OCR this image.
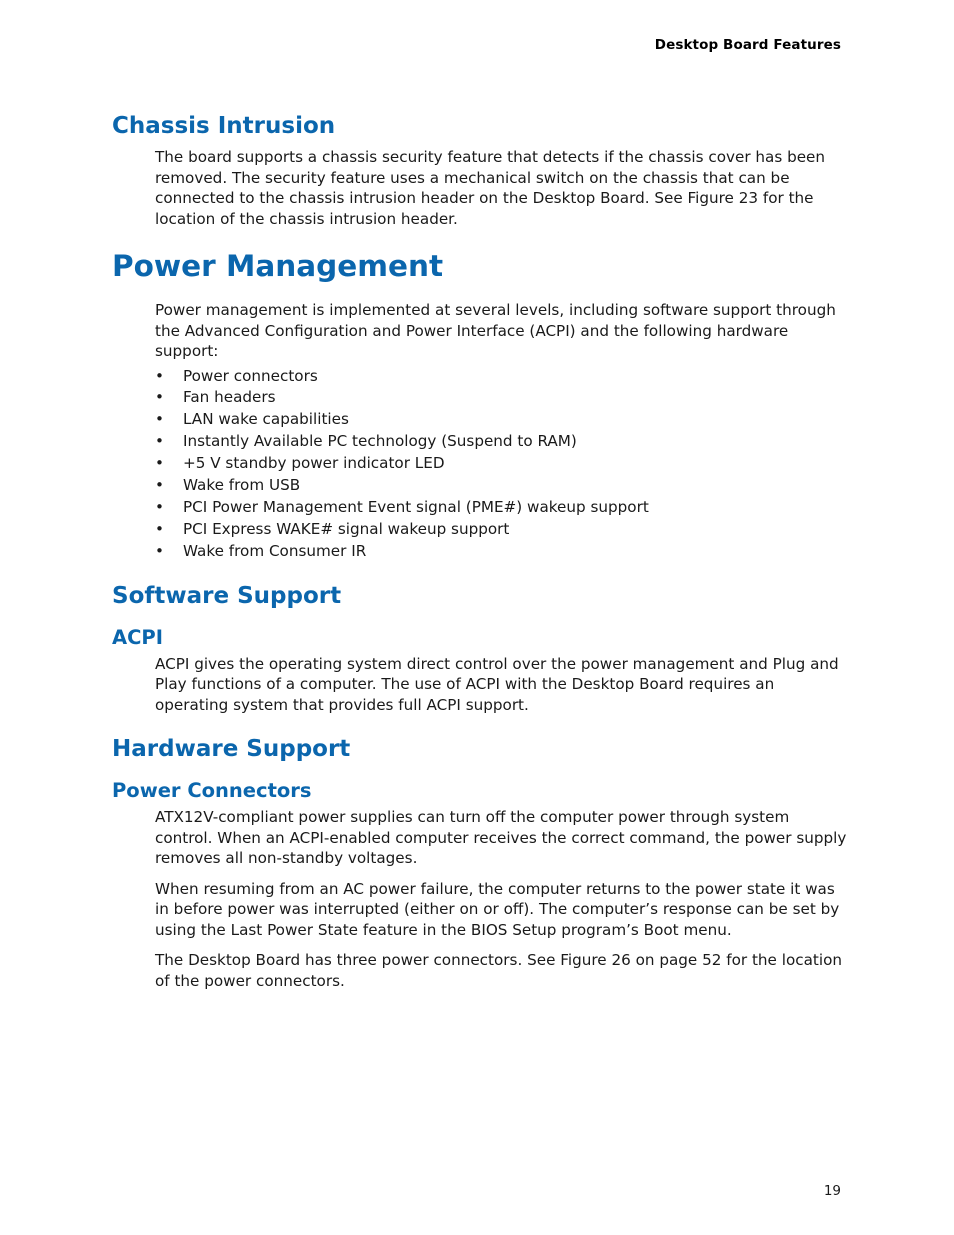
Desktop Board Features
Chassis Intrusion

The board supports a chassis security feature that detects if the chassis cover has been removed. The security feature uses a mechanical switch on the chassis that can be connected to the chassis intrusion header on the Desktop Board. See Figure 23 for the location of the chassis intrusion header.

Power Management

Power management is implemented at several levels, including software support through the Advanced Configuration and Power Interface (ACPI) and the following hardware support:

• Power connectors
• Fan headers
• LAN wake capabilities
• Instantly Available PC technology (Suspend to RAM)
• +5 V standby power indicator LED
• Wake from USB
• PCI Power Management Event signal (PME#) wakeup support
• PCI Express WAKE# signal wakeup support
• Wake from Consumer IR
Software Support
ACPI

ACPI gives the operating system direct control over the power management and Plug and Play functions of a computer. The use of ACPI with the Desktop Board requires an operating system that provides full ACPI support.

Hardware Support
Power Connectors

ATX12V-compliant power supplies can turn off the computer power through system control. When an ACPI-enabled computer receives the correct command, the power supply removes all non-standby voltages.

When resuming from an AC power failure, the computer returns to the power state it was in before power was interrupted (either on or off). The computer’s response can be set by using the Last Power State feature in the BIOS Setup program’s Boot menu.

The Desktop Board has three power connectors. See Figure 26 on page 52 for the location of the power connectors.

19
